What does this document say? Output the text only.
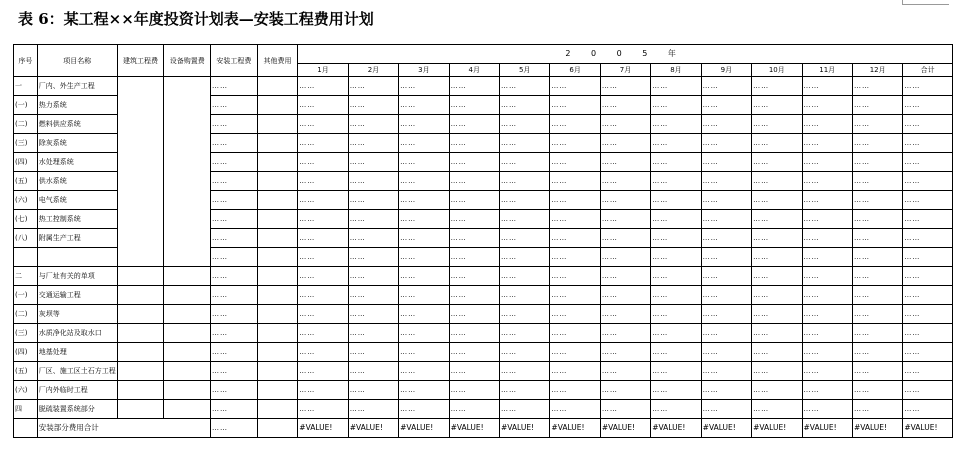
表 6：某工程××年度投资计划表—安装工程费用计划
序号	项目名称	建筑工程费	设备购置费	安装工程费	其他费用	2 0 0 5 年												
						1月	2月	3月	4月	5月	6月	7月	8月	9月	10月	11月	12月	合计
一	厂内、外生产工程			……		……	……	……	……	……	……	……	……	……	……	……	……	……
(一)	热力系统			……		……	……	……	……	……	……	……	……	……	……	……	……	……
(二)	燃料供应系统			……		……	……	……	……	……	……	……	……	……	……	……	……	……
(三)	除灰系统			……		……	……	……	……	……	……	……	……	……	……	……	……	……
(四)	水处理系统			……		……	……	……	……	……	……	……	……	……	……	……	……	……
(五)	供水系统			……		……	……	……	……	……	……	……	……	……	……	……	……	……
(六)	电气系统			……		……	……	……	……	……	……	……	……	……	……	……	……	……
(七)	热工控制系统			……		……	……	……	……	……	……	……	……	……	……	……	……	……
(八)	附属生产工程			……		……	……	……	……	……	……	……	……	……	……	……	……	……
				……		……	……	……	……	……	……	……	……	……	……	……	……	……
二	与厂址有关的单项			……		……	……	……	……	……	……	……	……	……	……	……	……	……
(一)	交通运输工程			……		……	……	……	……	……	……	……	……	……	……	……	……	……
(二)	灰坝等			……		……	……	……	……	……	……	……	……	……	……	……	……	……
(三)	水质净化站及取水口			……		……	……	……	……	……	……	……	……	……	……	……	……	……
(四)	地基处理			……		……	……	……	……	……	……	……	……	……	……	……	……	……
(五)	厂区、施工区土石方工程			……		……	……	……	……	……	……	……	……	……	……	……	……	……
(六)	厂内外临时工程			……		……	……	……	……	……	……	……	……	……	……	……	……	……
四	脱硫装置系统部分			……		……	……	……	……	……	……	……	……	……	……	……	……	……
	安装部分费用合计			……		#VALUE!	#VALUE!	#VALUE!	#VALUE!	#VALUE!	#VALUE!	#VALUE!	#VALUE!	#VALUE!	#VALUE!	#VALUE!	#VALUE!	#VALUE!
